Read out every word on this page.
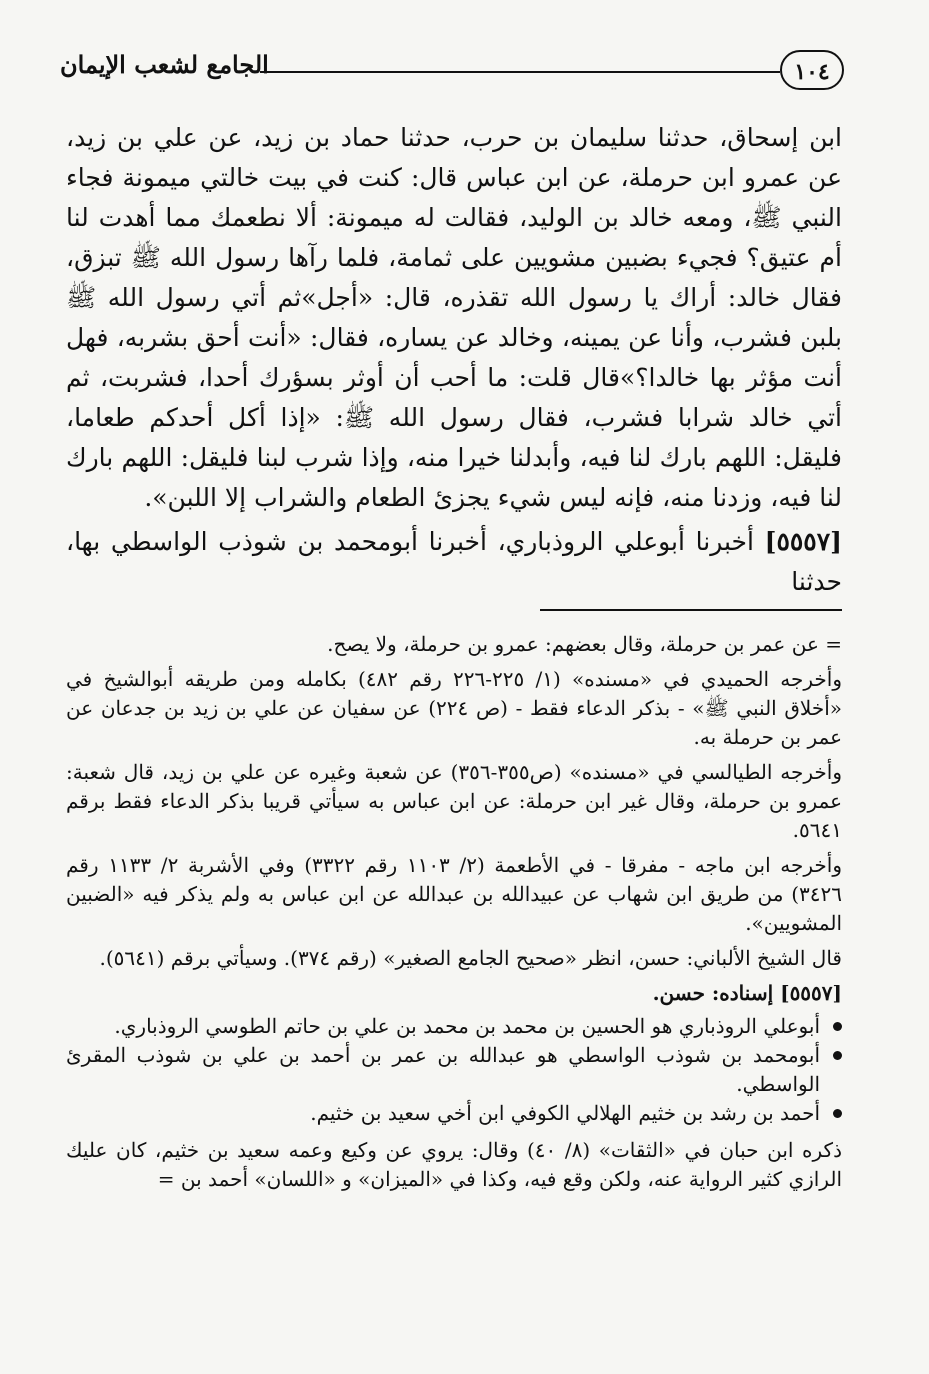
الجامع لشعب الإيمان	١٠٤

ابن إسحاق، حدثنا سليمان بن حرب، حدثنا حماد بن زيد، عن علي بن زيد، عن عمرو ابن حرملة، عن ابن عباس قال: كنت في بيت خالتي ميمونة فجاء النبي ﷺ، ومعه خالد بن الوليد، فقالت له ميمونة: ألا نطعمك مما أهدت لنا أم عتيق؟ فجيء بضبين مشويين على ثمامة، فلما رآها رسول الله ﷺ تبزق، فقال خالد: أراك يا رسول الله تقذره، قال: «أجل»ثم أتي رسول الله ﷺ بلبن فشرب، وأنا عن يمينه، وخالد عن يساره، فقال: «أنت أحق بشربه، فهل أنت مؤثر بها خالدا؟»قال قلت: ما أحب أن أوثر بسؤرك أحدا، فشربت، ثم أتي خالد شرابا فشرب، فقال رسول الله ﷺ: «إذا أكل أحدكم طعاما، فليقل: اللهم بارك لنا فيه، وأبدلنا خيرا منه، وإذا شرب لبنا فليقل: اللهم بارك لنا فيه، وزدنا منه، فإنه ليس شيء يجزئ الطعام والشراب إلا اللبن».

[٥٥٥٧] أخبرنا أبوعلي الروذباري، أخبرنا أبومحمد بن شوذب الواسطي بها، حدثنا

= عن عمر بن حرملة، وقال بعضهم: عمرو بن حرملة، ولا يصح.

وأخرجه الحميدي في «مسنده» (١/ ٢٢٥-٢٢٦ رقم ٤٨٢) بكامله ومن طريقه أبوالشيخ في «أخلاق النبي ﷺ» - بذكر الدعاء فقط - (ص ٢٢٤) عن سفيان عن علي بن زيد بن جدعان عن عمر بن حرملة به.

وأخرجه الطيالسي في «مسنده» (ص٣٥٥-٣٥٦) عن شعبة وغيره عن علي بن زيد، قال شعبة: عمرو بن حرملة، وقال غير ابن حرملة: عن ابن عباس به سيأتي قريبا بذكر الدعاء فقط برقم ٥٦٤١.

وأخرجه ابن ماجه - مفرقا - في الأطعمة (٢/ ١١٠٣ رقم ٣٣٢٢) وفي الأشربة ٢/ ١١٣٣ رقم ٣٤٢٦) من طريق ابن شهاب عن عبيدالله بن عبدالله عن ابن عباس به ولم يذكر فيه «الضبين المشويين».

قال الشيخ الألباني: حسن، انظر «صحيح الجامع الصغير» (رقم ٣٧٤). وسيأتي برقم (٥٦٤١).

[٥٥٥٧] إسناده: حسن.

أبوعلي الروذباري هو الحسين بن محمد بن محمد بن علي بن حاتم الطوسي الروذباري.
أبومحمد بن شوذب الواسطي هو عبدالله بن عمر بن أحمد بن علي بن شوذب المقرئ الواسطي.
أحمد بن رشد بن خثيم الهلالي الكوفي ابن أخي سعيد بن خثيم.

ذكره ابن حبان في «الثقات» (٨/ ٤٠) وقال: يروي عن وكيع وعمه سعيد بن خثيم، كان عليك الرازي كثير الرواية عنه، ولكن وقع فيه، وكذا في «الميزان» و «اللسان» أحمد بن =
